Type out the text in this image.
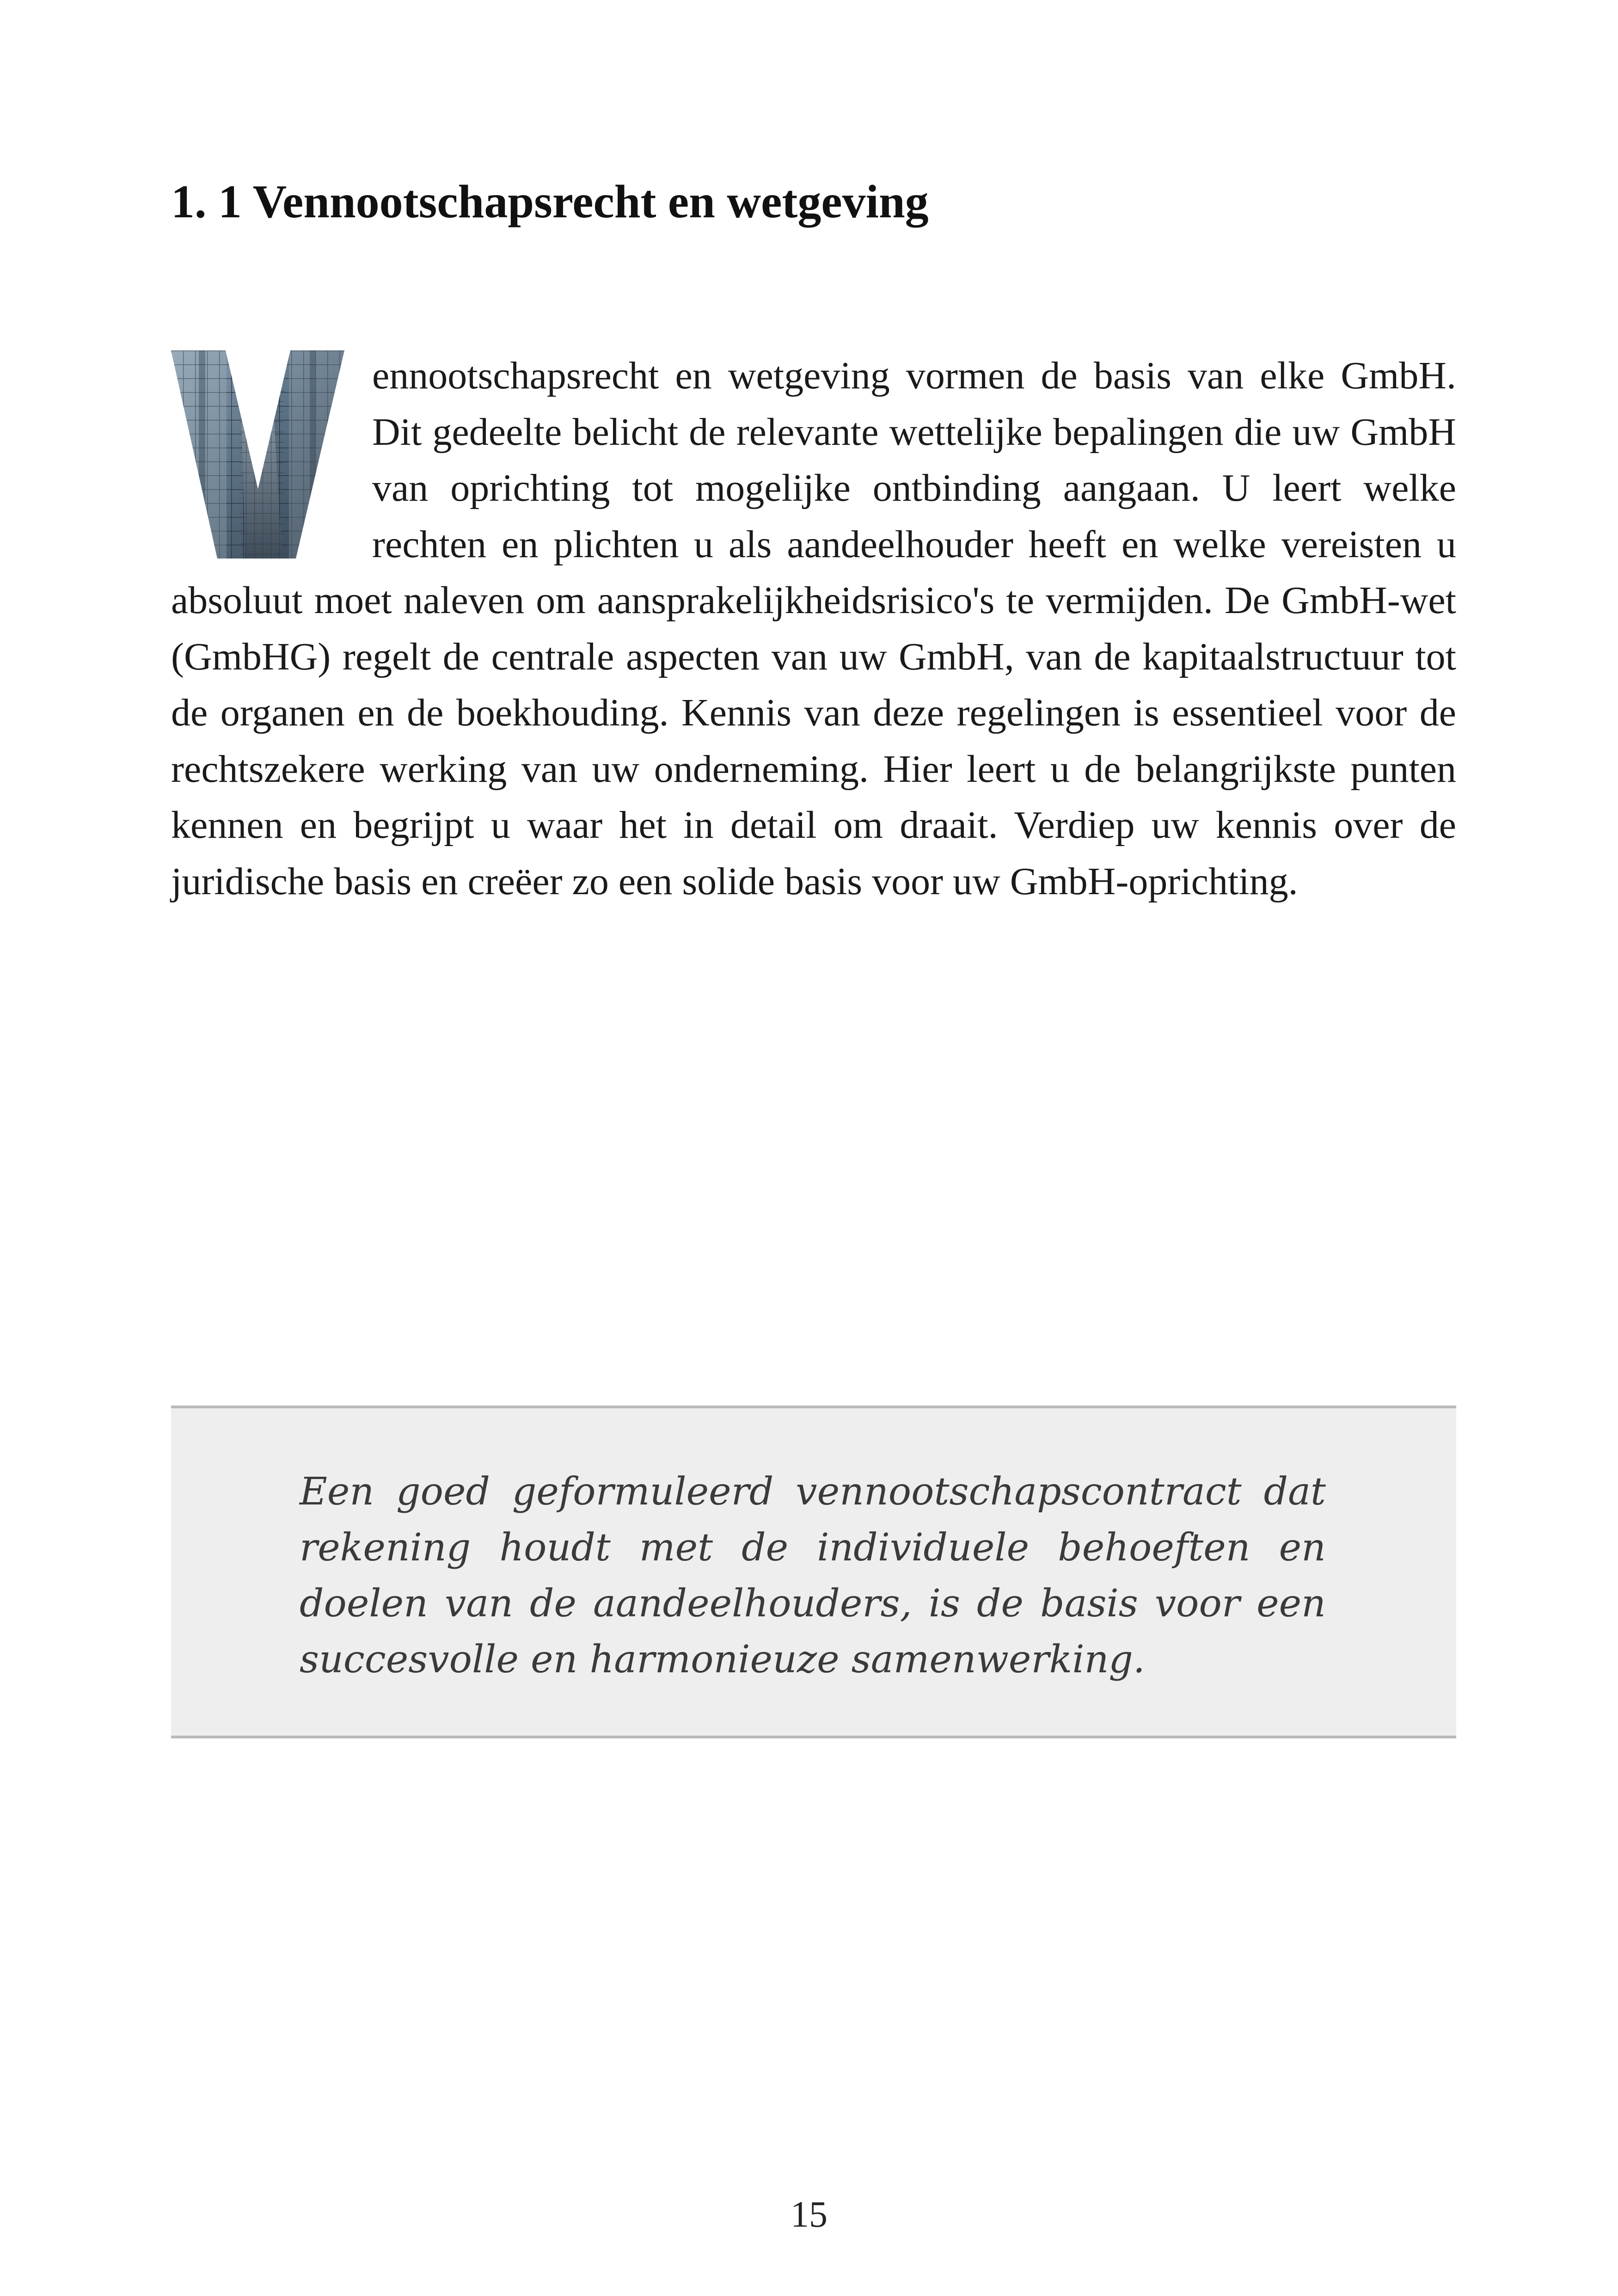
1. 1 Vennootschapsrecht en wetgeving

ennootschapsrecht en wetgeving vormen de basis van elke GmbH. Dit gedeelte belicht de relevante wettelijke bepalingen die uw GmbH van oprichting tot mogelijke ontbinding aangaan. U leert welke rechten en plichten u als aandeelhouder heeft en welke vereisten u absoluut moet naleven om aansprakelijkheidsrisico's te vermijden. De GmbH-wet (GmbHG) regelt de centrale aspecten van uw GmbH, van de kapitaalstructuur tot de organen en de boekhouding. Kennis van deze regelingen is essentieel voor de rechtszekere werking van uw onderneming. Hier leert u de belangrijkste punten kennen en begrijpt u waar het in detail om draait. Verdiep uw kennis over de juridische basis en creëer zo een solide basis voor uw GmbH-oprichting.

Een goed geformuleerd vennootschapscontract dat rekening houdt met de individuele behoeften en doelen van de aandeelhouders, is de basis voor een succesvolle en harmonieuze samenwerking.

15
